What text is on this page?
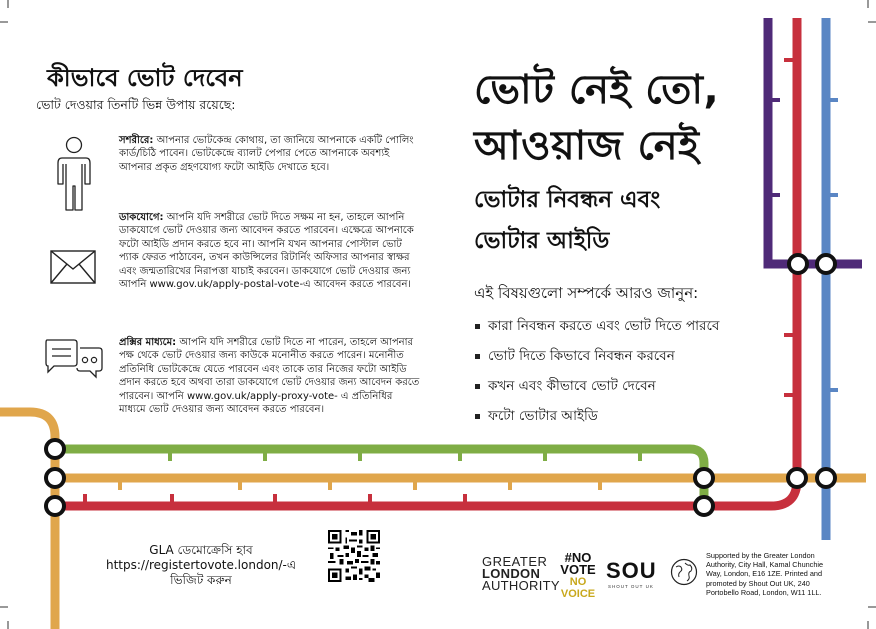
কীভাবে ভোট দেবেন
ভোট দেওয়ার তিনটি ভিন্ন উপায় রয়েছে:
সশরীরে: আপনার ভোটকেন্দ্র কোথায়, তা জানিয়ে আপনাকে একটি পোলিং কার্ড/চিঠি পাবেন। ভোটকেন্দ্রে ব্যালট পেপার পেতে আপনাকে অবশ্যই আপনার প্রকৃত গ্রহণযোগ্য ফটো আইডি দেখাতে হবে।
ডাকযোগে: আপনি যদি সশরীরে ভোট দিতে সক্ষম না হন, তাহলে আপনি ডাকযোগে ভোট দেওয়ার জন্য আবেদন করতে পারবেন। এক্ষেত্রে আপনাকে ফটো আইডি প্রদান করতে হবে না। আপনি যখন আপনার পোস্টাল ভোট প্যাক ফেরত পাঠাবেন, তখন কাউন্সিলের রিটার্নিং অফিসার আপনার স্বাক্ষর এবং জন্মতারিখের নিরাপত্তা যাচাই করবেন। ডাকযোগে ভোট দেওয়ার জন্য আপনি www.gov.uk/apply-postal-vote-এ আবেদন করতে পারবেন।
প্রক্সির মাধ্যমে: আপনি যদি সশরীরে ভোট দিতে না পারেন, তাহলে আপনার পক্ষ থেকে ভোট দেওয়ার জন্য কাউকে মনোনীত করতে পারেন। মনোনীত প্রতিনিধি ভোটকেন্দ্রে যেতে পারবেন এবং তাকে তার নিজের ফটো আইডি প্রদান করতে হবে অথবা তারা ডাকযোগে ভোট দেওয়ার জন্য আবেদন করতে পারবেন। আপনি www.gov.uk/apply-proxy-vote- এ প্রতিনিধির মাধ্যমে ভোট দেওয়ার জন্য আবেদন করতে পারবেন।
ভোট নেই তো,
আওয়াজ নেই
ভোটার নিবন্ধন এবং
ভোটার আইডি
এই বিষয়গুলো সম্পর্কে আরও জানুন:
কারা নিবন্ধন করতে এবং ভোট দিতে পারবে
ভোট দিতে কিভাবে নিবন্ধন করবেন
কখন এবং কীভাবে ভোট দেবেন
ফটো ভোটার আইডি
GLA ডেমোক্রেসি হাব
https://registertovote.london/-এ
ভিজিট করুন
GREATER
LONDON
AUTHORITY
#NO
VOTE
NO VOICE
SOU
SHOUT OUT UK
Supported by the Greater London Authority, City Hall, Kamal Chunchie Way, London, E16 1ZE. Printed and promoted by Shout Out UK, 240 Portobello Road, London, W11 1LL.
